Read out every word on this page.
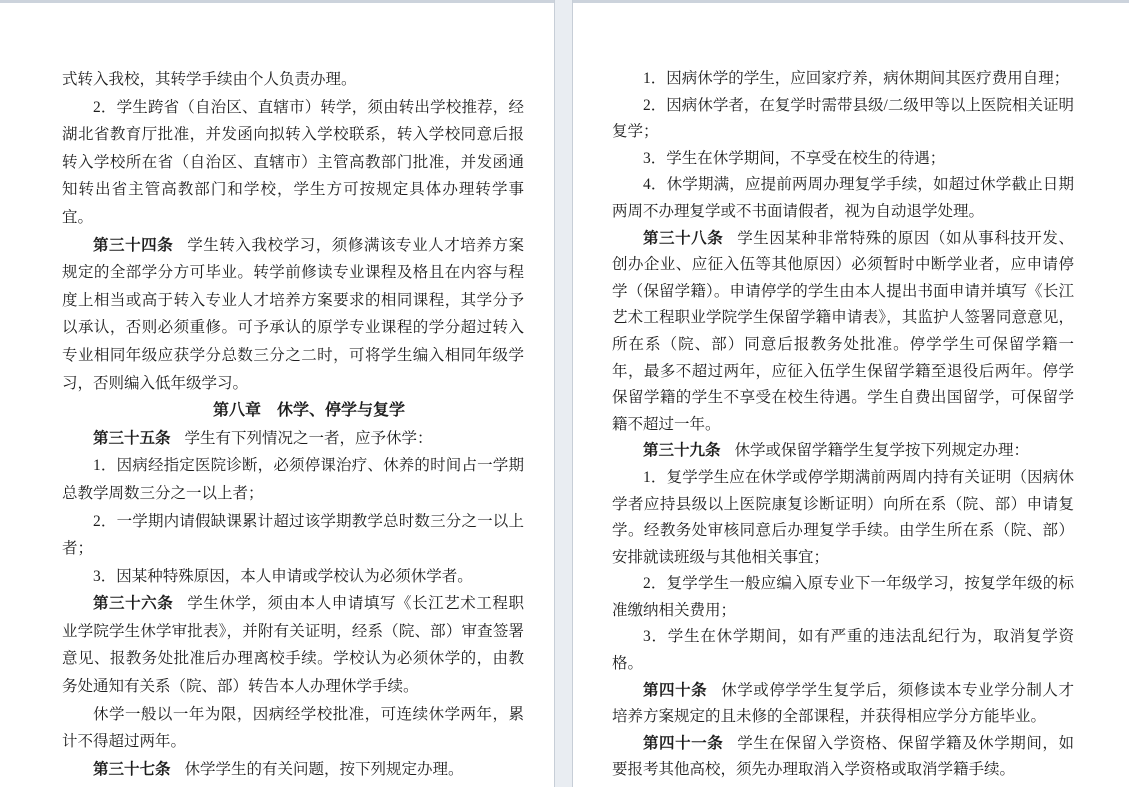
式转入我校，其转学手续由个人负责办理。

2．学生跨省（自治区、直辖市）转学，须由转出学校推荐，经湖北省教育厅批准，并发函向拟转入学校联系，转入学校同意后报转入学校所在省（自治区、直辖市）主管高教部门批准，并发函通知转出省主管高教部门和学校，学生方可按规定具体办理转学事宜。

第三十四条 学生转入我校学习，须修满该专业人才培养方案规定的全部学分方可毕业。转学前修读专业课程及格且在内容与程度上相当或高于转入专业人才培养方案要求的相同课程，其学分予以承认，否则必须重修。可予承认的原学专业课程的学分超过转入专业相同年级应获学分总数三分之二时，可将学生编入相同年级学习，否则编入低年级学习。

第八章　休学、停学与复学

第三十五条 学生有下列情况之一者，应予休学：

1．因病经指定医院诊断，必须停课治疗、休养的时间占一学期总教学周数三分之一以上者；

2．一学期内请假缺课累计超过该学期教学总时数三分之一以上者；

3．因某种特殊原因，本人申请或学校认为必须休学者。

第三十六条 学生休学，须由本人申请填写《长江艺术工程职业学院学生休学审批表》，并附有关证明，经系（院、部）审查签署意见、报教务处批准后办理离校手续。学校认为必须休学的，由教务处通知有关系（院、部）转告本人办理休学手续。

休学一般以一年为限，因病经学校批准，可连续休学两年，累计不得超过两年。

第三十七条 休学学生的有关问题，按下列规定办理。

1．因病休学的学生，应回家疗养，病休期间其医疗费用自理；

2．因病休学者，在复学时需带县级/二级甲等以上医院相关证明复学；

3．学生在休学期间，不享受在校生的待遇；

4．休学期满，应提前两周办理复学手续，如超过休学截止日期两周不办理复学或不书面请假者，视为自动退学处理。

第三十八条 学生因某种非常特殊的原因（如从事科技开发、创办企业、应征入伍等其他原因）必须暂时中断学业者，应申请停学（保留学籍）。申请停学的学生由本人提出书面申请并填写《长江艺术工程职业学院学生保留学籍申请表》，其监护人签署同意意见，所在系（院、部）同意后报教务处批准。停学学生可保留学籍一年，最多不超过两年，应征入伍学生保留学籍至退役后两年。停学保留学籍的学生不享受在校生待遇。学生自费出国留学，可保留学籍不超过一年。

第三十九条 休学或保留学籍学生复学按下列规定办理：

1．复学学生应在休学或停学期满前两周内持有关证明（因病休学者应持县级以上医院康复诊断证明）向所在系（院、部）申请复学。经教务处审核同意后办理复学手续。由学生所在系（院、部）安排就读班级与其他相关事宜；

2．复学学生一般应编入原专业下一年级学习，按复学年级的标准缴纳相关费用；

3．学生在休学期间，如有严重的违法乱纪行为，取消复学资格。

第四十条 休学或停学学生复学后，须修读本专业学分制人才培养方案规定的且未修的全部课程，并获得相应学分方能毕业。

第四十一条 学生在保留入学资格、保留学籍及休学期间，如要报考其他高校，须先办理取消入学资格或取消学籍手续。
